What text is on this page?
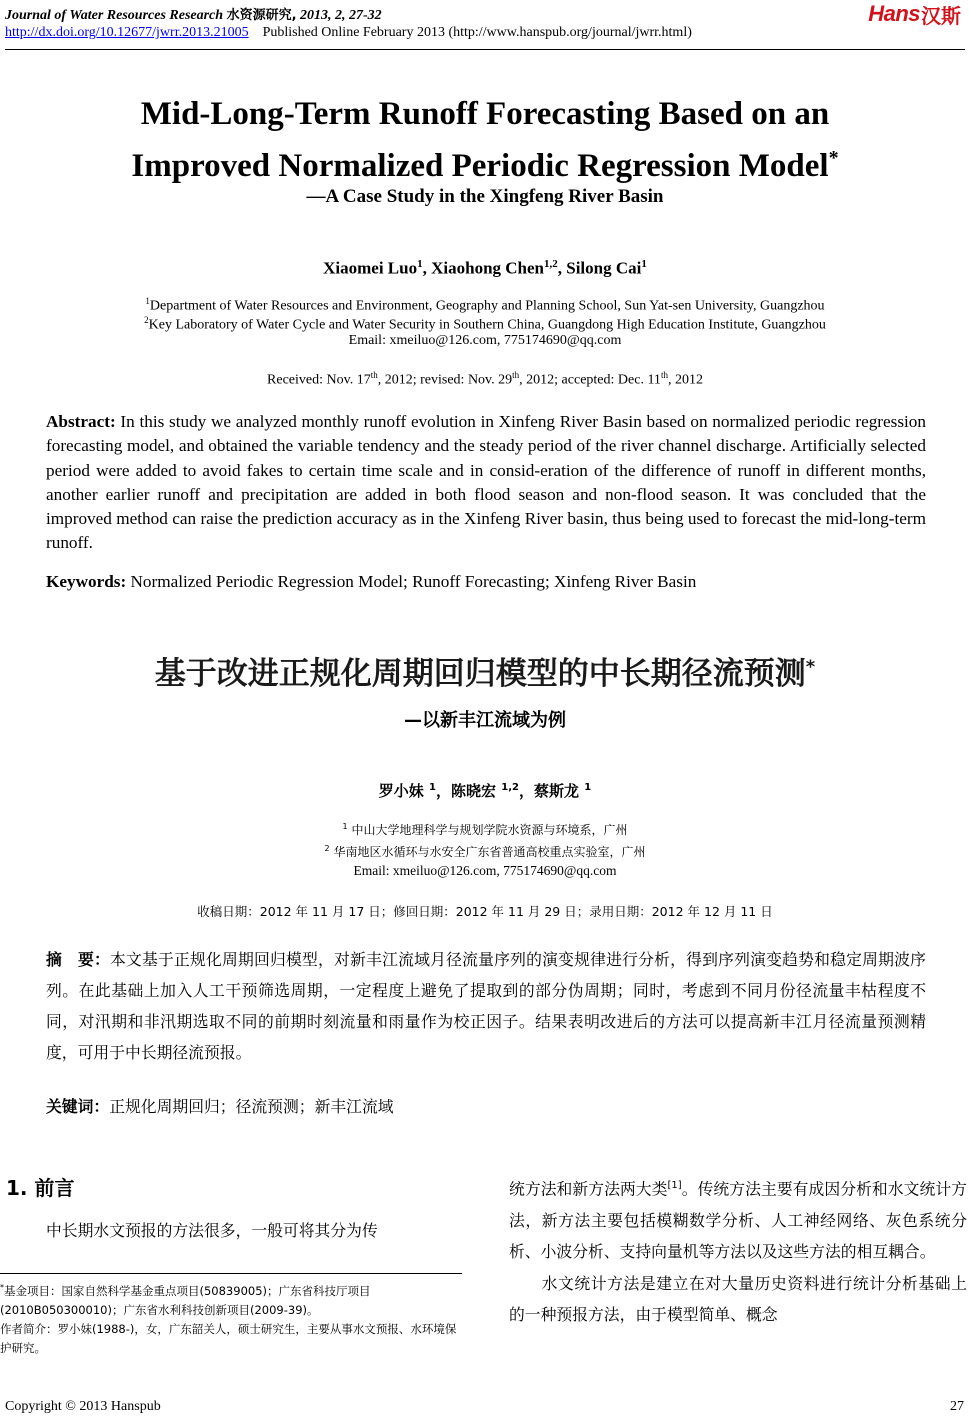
Journal of Water Resources Research 水资源研究, 2013, 2, 27-32
http://dx.doi.org/10.12677/jwrr.2013.21005 Published Online February 2013 (http://www.hanspub.org/journal/jwrr.html)
Hans 汉斯
Mid-Long-Term Runoff Forecasting Based on an
Improved Normalized Periodic Regression Model*
—A Case Study in the Xingfeng River Basin
Xiaomei Luo$^1$, Xiaohong Chen$^{1,2}$, Silong Cai$^1$
$^1$Department of Water Resources and Environment, Geography and Planning School, Sun Yat-sen University, Guangzhou
$^2$Key Laboratory of Water Cycle and Water Security in Southern China, Guangdong High Education Institute, Guangzhou
Email: xmeiluo@126.com, 775174690@qq.com
Received: Nov. 17th, 2012; revised: Nov. 29th, 2012; accepted: Dec. 11th, 2012
Abstract: In this study we analyzed monthly runoff evolution in Xinfeng River Basin based on normalized periodic regression forecasting model, and obtained the variable tendency and the steady period of the river channel discharge. Artificially selected period were added to avoid fakes to certain time scale and in consid-eration of the difference of runoff in different months, another earlier runoff and precipitation are added in both flood season and non-flood season. It was concluded that the improved method can raise the prediction accuracy as in the Xinfeng River basin, thus being used to forecast the mid-long-term runoff.
Keywords: Normalized Periodic Regression Model; Runoff Forecasting; Xinfeng River Basin
基于改进正规化周期回归模型的中长期径流预测*
—以新丰江流域为例
罗小妹 $^1$，陈晓宏 $^{1,2}$，蔡斯龙 $^1$
$^1$ 中山大学地理科学与规划学院水资源与环境系，广州
$^2$ 华南地区水循环与水安全广东省普通高校重点实验室，广州
Email: xmeiluo@126.com, 775174690@qq.com
收稿日期：2012 年 11 月 17 日；修回日期：2012 年 11 月 29 日；录用日期：2012 年 12 月 11 日
摘　要：本文基于正规化周期回归模型，对新丰江流域月径流量序列的演变规律进行分析，得到序列演变趋势和稳定周期波序列。在此基础上加入人工干预筛选周期，一定程度上避免了提取到的部分伪周期；同时，考虑到不同月份径流量丰枯程度不同，对汛期和非汛期选取不同的前期时刻流量和雨量作为校正因子。结果表明改进后的方法可以提高新丰江月径流量预测精度，可用于中长期径流预报。
关键词：正规化周期回归；径流预测；新丰江流域
1. 前言
中长期水文预报的方法很多，一般可将其分为传
*基金项目：国家自然科学基金重点项目(50839005)；广东省科技厅项目(2010B050300010)；广东省水利科技创新项目(2009-39)。
作者简介：罗小妹(1988-)，女，广东韶关人，硕士研究生，主要从事水文预报、水环境保护研究。
统方法和新方法两大类[1]。传统方法主要有成因分析和水文统计方法，新方法主要包括模糊数学分析、人工神经网络、灰色系统分析、小波分析、支持向量机等方法以及这些方法的相互耦合。
水文统计方法是建立在对大量历史资料进行统计分析基础上的一种预报方法，由于模型简单、概念
Copyright © 2013 Hanspub	27
